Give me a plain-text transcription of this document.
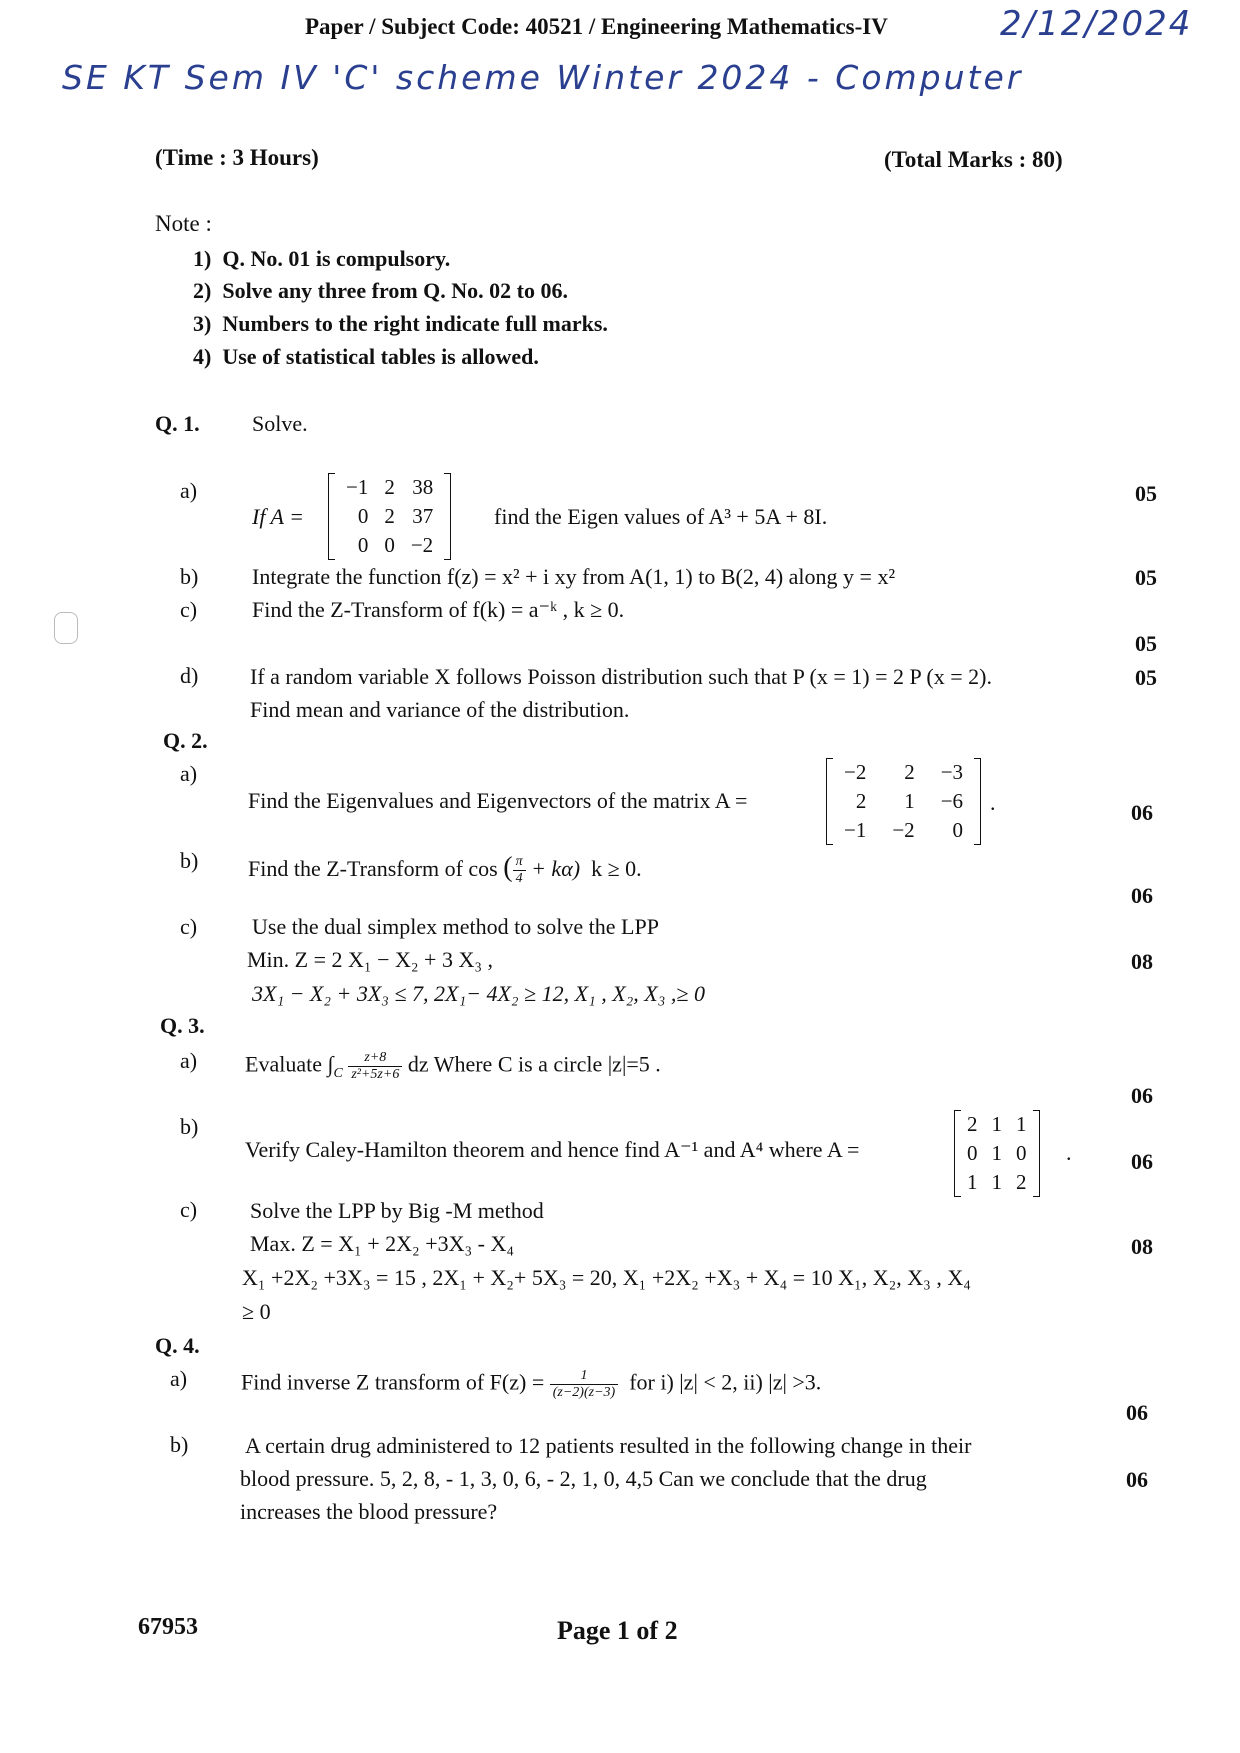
Paper / Subject Code: 40521 / Engineering Mathematics-IV	2/12/2024
SE KT Sem IV 'C' scheme Winter 2024 - Computer
(Time : 3 Hours)	(Total Marks : 80)
Note :
1) Q. No. 01 is compulsory.
2) Solve any three from Q. No. 02 to 06.
3) Numbers to the right indicate full marks.
4) Use of statistical tables is allowed.
Q. 1. Solve.
a)
If A =
−1	2	38
0	2	37
0	0	−2
find the Eigen values of A³ + 5A + 8I.
05
b) Integrate the function f(z) = x² + i xy from A(1, 1) to B(2, 4) along y = x²	05
c) Find the Z-Transform of f(k) = a⁻ᵏ , k ≥ 0.
05
d) If a random variable X follows Poisson distribution such that P (x = 1) = 2 P (x = 2).
Find mean and variance of the distribution.
05
Q. 2.
a)
Find the Eigenvalues and Eigenvectors of the matrix A =
−2	2	−3
2	1	−6
−1	−2	0
.	06
b) Find the Z-Transform of cos ( $\frac{\pi}{4} + k\alpha$) k ≥ 0.
06
c) Use the dual simplex method to solve the LPP
Min. Z = 2 X₁ − X₂ + 3 X₃ ,
3X₁ − X₂ + 3X₃ ≤ 7, 2X₁− 4X₂ ≥ 12, X₁ , X₂, X₃ ,≥ 0
08
Q. 3.
a) Evaluate $\int_C \frac{z+8}{\text{z²+5z+6}}$ dz Where C is a circle |z|=5 .
06
b)
Verify Caley-Hamilton theorem and hence find A⁻¹ and A⁴ where A =
2	1	1
0	1	0
1	1	2
.	06
c) Solve the LPP by Big -M method
Max. Z = X₁ + 2X₂ +3X₃ - X₄
X₁ +2X₂ +3X₃ = 15 , 2X₁ + X₂+ 5X₃ = 20, X₁ +2X₂ +X₃ + X₄ = 10 X₁, X₂, X₃ , X₄
≥ 0
08
Q. 4.
a) Find inverse Z transform of $F(z) = \frac{1}{(z-2)(z-3)}$ for i) |z| < 2, ii) |z| >3.
06
b)	A certain drug administered to 12 patients resulted in the following change in their
blood pressure. 5, 2, 8, - 1, 3, 0, 6, - 2, 1, 0, 4,5 Can we conclude that the drug
increases the blood pressure?
06
67953	Page 1 of 2
